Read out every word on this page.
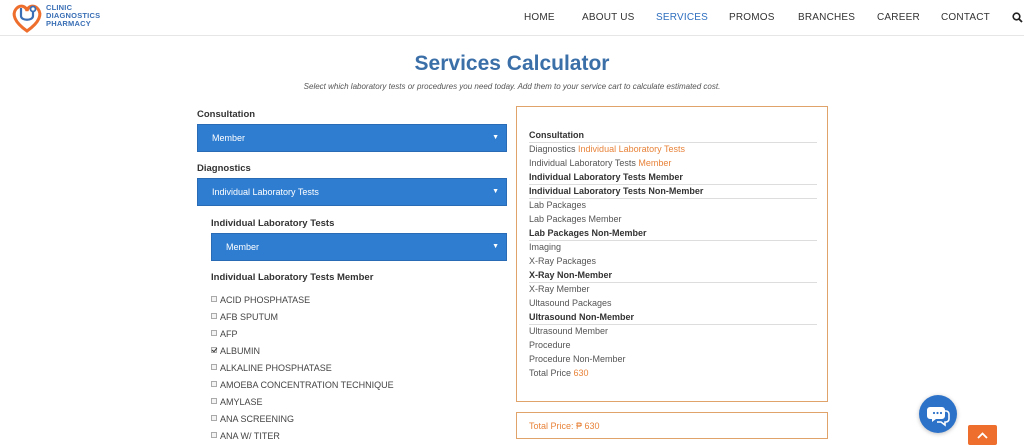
CLINIC
DIAGNOSTICS
PHARMACY
HOME	ABOUT US SERVICES PROMOS BRANCHES CAREER CONTACT
Services Calculator

Select which laboratory tests or procedures you need today. Add them to your service cart to calculate estimated cost.

Consultation
Member	▼
Diagnostics
Individual Laboratory Tests	▼
Individual Laboratory Tests
Member	▼
Individual Laboratory Tests Member
ACID PHOSPHATASE
AFB SPUTUM
AFP
ALBUMIN
ALKALINE PHOSPHATASE
AMOEBA CONCENTRATION TECHNIQUE
AMYLASE
ANA SCREENING
ANA W/ TITER
Consultation
Diagnostics Individual Laboratory Tests
Individual Laboratory Tests Member
Individual Laboratory Tests Member
Individual Laboratory Tests Non-Member
Lab Packages
Lab Packages Member
Lab Packages Non-Member
Imaging
X-Ray Packages
X-Ray Non-Member
X-Ray Member
Ultasound Packages
Ultrasound Non-Member
Ultrasound Member
Procedure
Procedure Non-Member
Total Price 630
Total Price: ₱ 630
